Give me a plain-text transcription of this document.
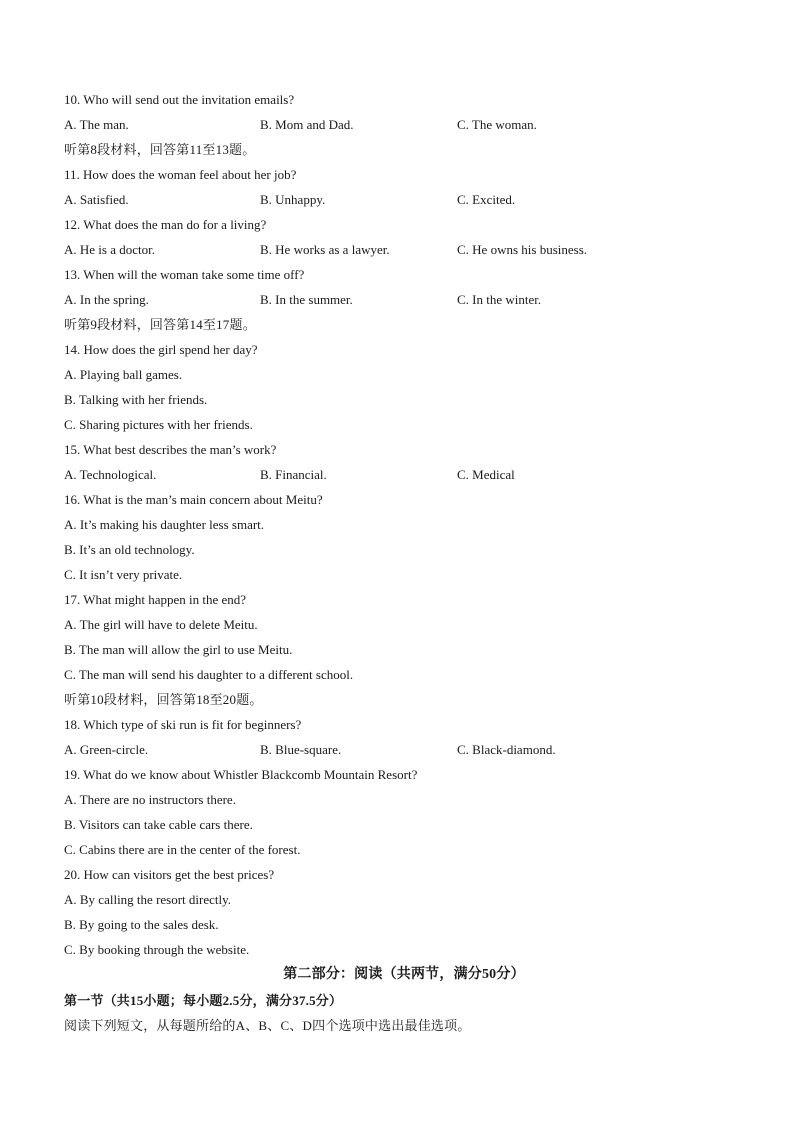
10. Who will send out the invitation emails?
A. The man.	B. Mom and Dad.	C. The woman.
听第8段材料，回答第11至13题。
11. How does the woman feel about her job?
A. Satisfied.	B. Unhappy.	C. Excited.
12. What does the man do for a living?
A. He is a doctor.	B. He works as a lawyer.	C. He owns his business.
13. When will the woman take some time off?
A. In the spring.	B. In the summer.	C. In the winter.
听第9段材料，回答第14至17题。
14. How does the girl spend her day?
A. Playing ball games.
B. Talking with her friends.
C. Sharing pictures with her friends.
15. What best describes the man’s work?
A. Technological.	B. Financial.	C. Medical
16. What is the man’s main concern about Meitu?
A. It’s making his daughter less smart.
B. It’s an old technology.
C. It isn’t very private.
17. What might happen in the end?
A. The girl will have to delete Meitu.
B. The man will allow the girl to use Meitu.
C. The man will send his daughter to a different school.
听第10段材料，回答第18至20题。
18. Which type of ski run is fit for beginners?
A. Green-circle.	B. Blue-square.	C. Black-diamond.
19. What do we know about Whistler Blackcomb Mountain Resort?
A. There are no instructors there.
B. Visitors can take cable cars there.
C. Cabins there are in the center of the forest.
20. How can visitors get the best prices?
A. By calling the resort directly.
B. By going to the sales desk.
C. By booking through the website.
第二部分：阅读（共两节，满分50分）
第一节（共15小题；每小题2.5分，满分37.5分）
阅读下列短文，从每题所给的A、B、C、D四个选项中选出最佳选项。
